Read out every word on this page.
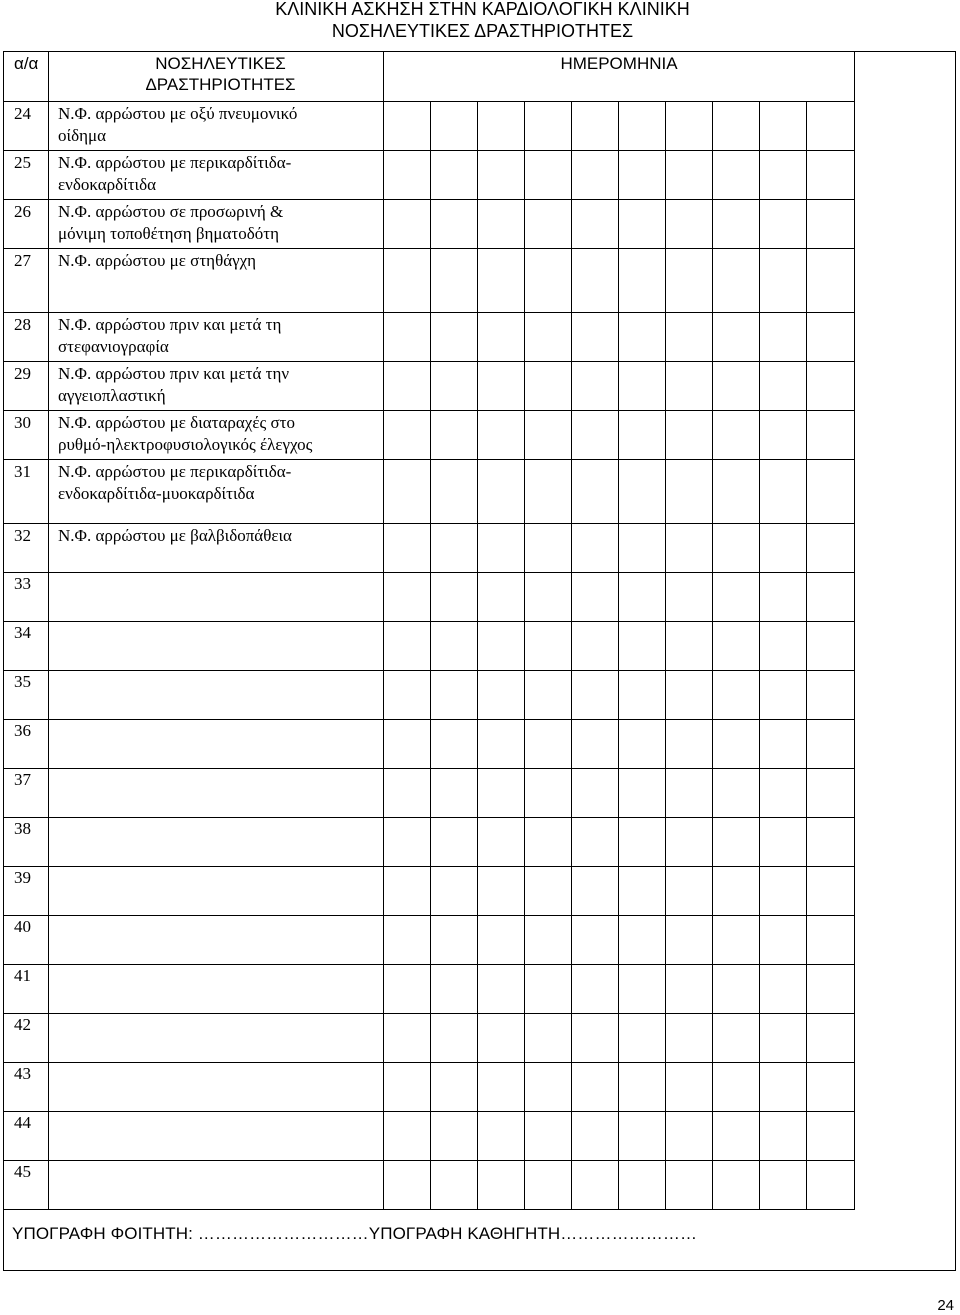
ΚΛΙΝΙΚΗ ΑΣΚΗΣΗ ΣΤΗΝ ΚΑΡΔΙΟΛΟΓΙΚΗ ΚΛΙΝΙΚΗ
ΝΟΣΗΛΕΥΤΙΚΕΣ ΔΡΑΣΤΗΡΙΟΤΗΤΕΣ
α/α	ΝΟΣΗΛΕΥΤΙΚΕΣ
ΔΡΑΣΤΗΡΙΟΤΗΤΕΣ	ΗΜΕΡΟΜΗΝΙΑ									
24	Ν.Φ. αρρώστου με οξύ πνευμονικό
οίδημα										

25	Ν.Φ. αρρώστου με περικαρδίτιδα-
ενδοκαρδίτιδα										

26	Ν.Φ. αρρώστου σε προσωρινή &
μόνιμη τοποθέτηση βηματοδότη										

27	Ν.Φ. αρρώστου με στηθάγχη										

28	Ν.Φ. αρρώστου πριν και μετά τη
στεφανιογραφία										

29	Ν.Φ. αρρώστου πριν και μετά την
αγγειοπλαστική										

30	Ν.Φ. αρρώστου με διαταραχές στο
ρυθμό-ηλεκτροφυσιολογικός έλεγχος										

31	Ν.Φ. αρρώστου με περικαρδίτιδα-
ενδοκαρδίτιδα-μυοκαρδίτιδα										

32	Ν.Φ. αρρώστου με βαλβιδοπάθεια										

33											
34											
35											
36											
37											
38											
39											
40											
41											
42											
43											
44											
45											
ΥΠΟΓΡΑΦΗ ΦΟΙΤΗΤΗ: …………………………ΥΠΟΓΡΑΦΗ ΚΑΘΗΓΗΤΗ……………………
24
